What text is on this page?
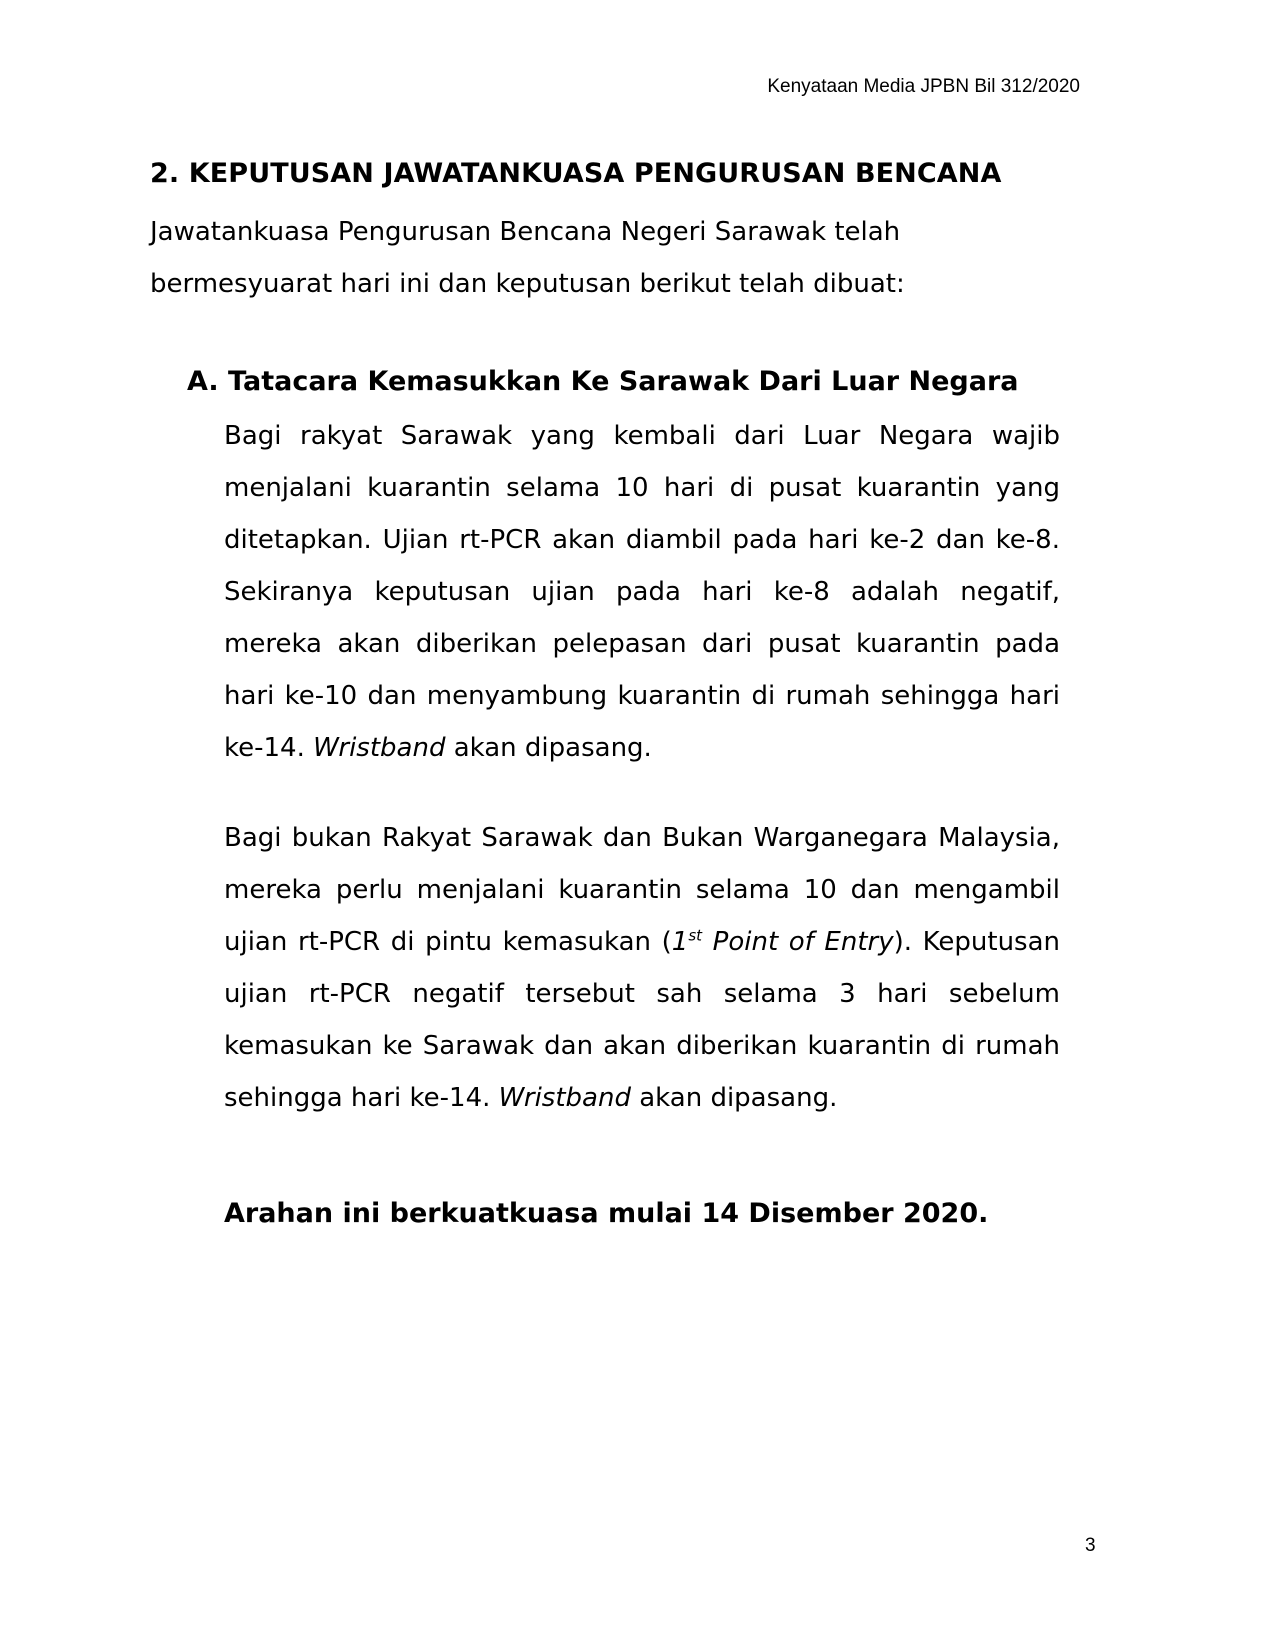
Kenyataan Media JPBN Bil 312/2020
2. KEPUTUSAN JAWATANKUASA PENGURUSAN BENCANA

Jawatankuasa Pengurusan Bencana Negeri Sarawak telah bermesyuarat hari ini dan keputusan berikut telah dibuat:

A. Tatacara Kemasukkan Ke Sarawak Dari Luar Negara

Bagi rakyat Sarawak yang kembali dari Luar Negara wajib menjalani kuarantin selama 10 hari di pusat kuarantin yang ditetapkan. Ujian rt-PCR akan diambil pada hari ke-2 dan ke-8. Sekiranya keputusan ujian pada hari ke-8 adalah negatif, mereka akan diberikan pelepasan dari pusat kuarantin pada hari ke-10 dan menyambung kuarantin di rumah sehingga hari ke-14. Wristband akan dipasang.

Bagi bukan Rakyat Sarawak dan Bukan Warganegara Malaysia, mereka perlu menjalani kuarantin selama 10 dan mengambil ujian rt-PCR di pintu kemasukan (1st Point of Entry). Keputusan ujian rt-PCR negatif tersebut sah selama 3 hari sebelum kemasukan ke Sarawak dan akan diberikan kuarantin di rumah sehingga hari ke-14. Wristband akan dipasang.

Arahan ini berkuatkuasa mulai 14 Disember 2020.

3
